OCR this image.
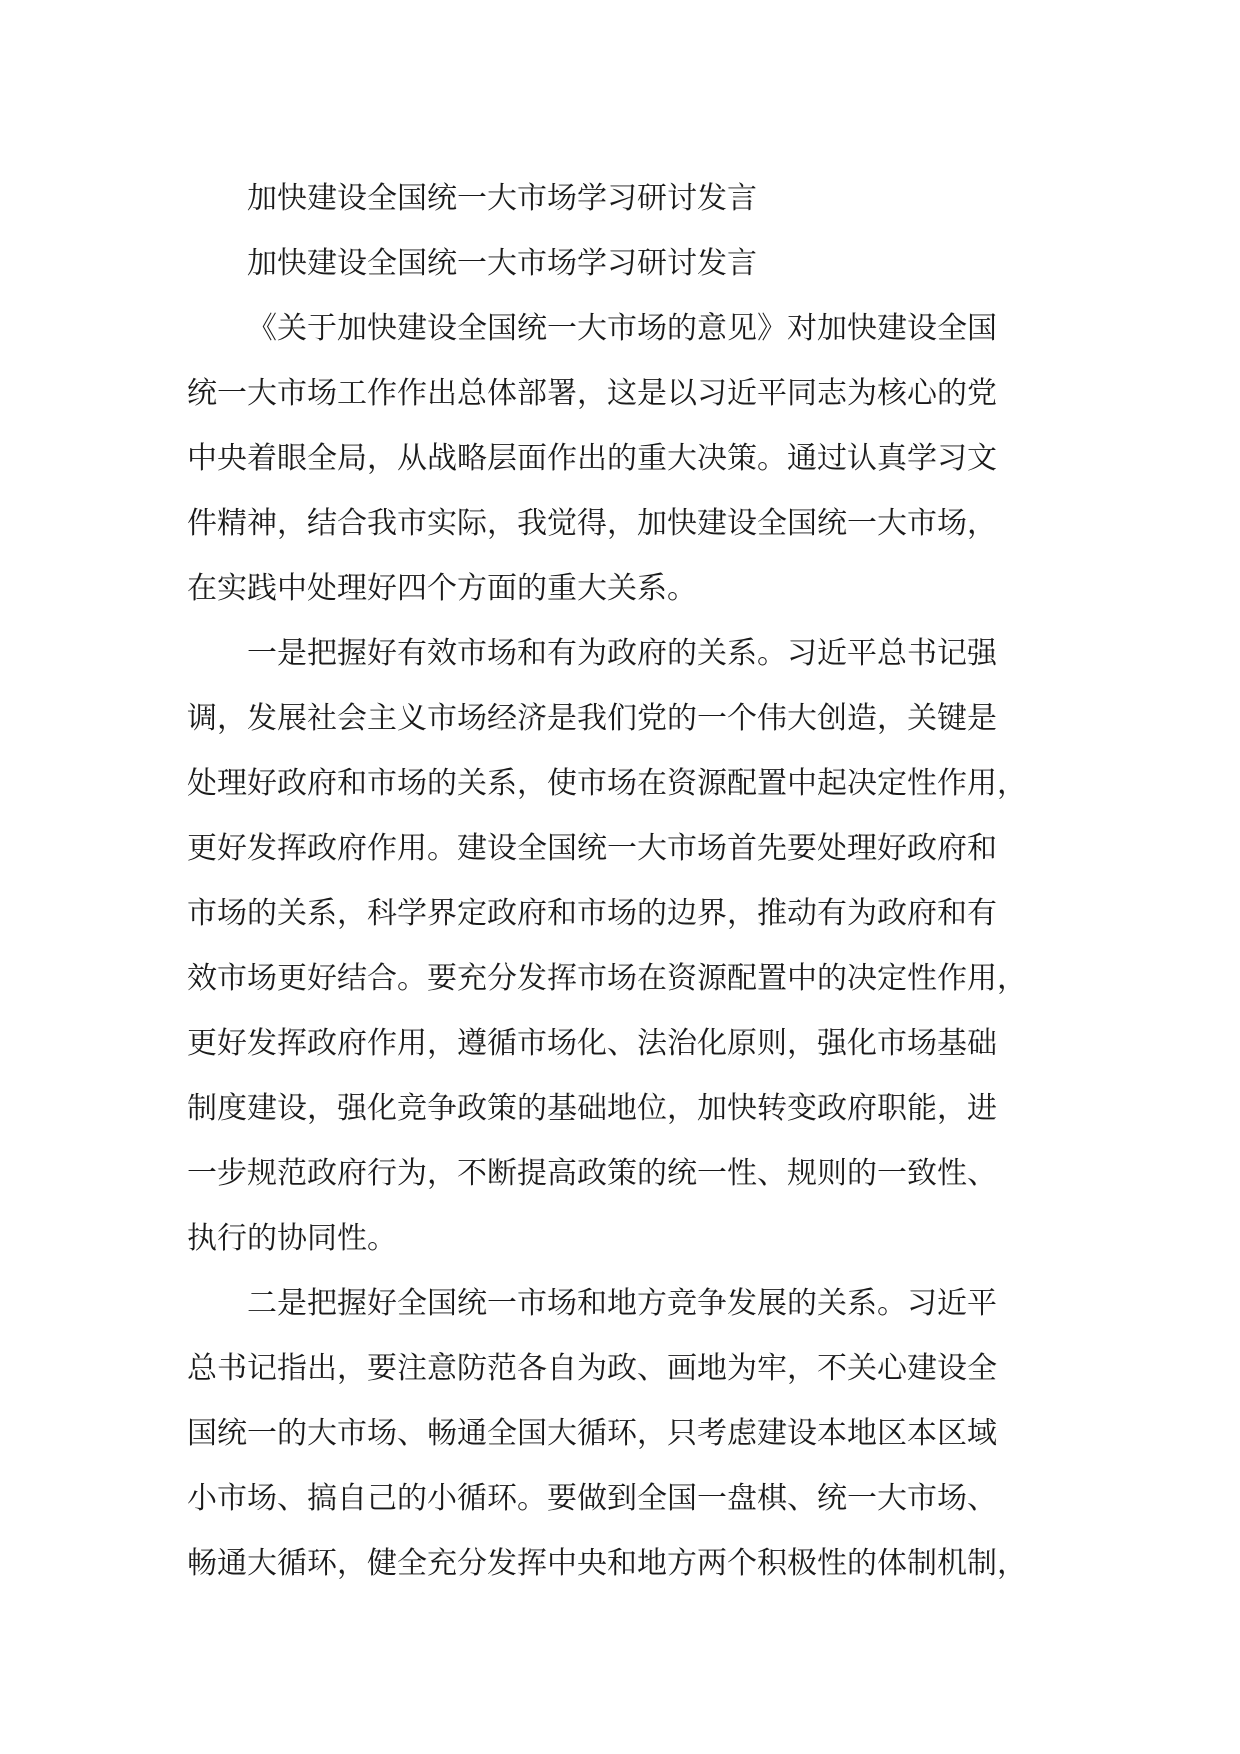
加快建设全国统一大市场学习研讨发言
加快建设全国统一大市场学习研讨发言
《关于加快建设全国统一大市场的意见》对加快建设全国
统一大市场工作作出总体部署，这是以习近平同志为核心的党
中央着眼全局，从战略层面作出的重大决策。通过认真学习文
件精神，结合我市实际，我觉得，加快建设全国统一大市场，
在实践中处理好四个方面的重大关系。
一是把握好有效市场和有为政府的关系。习近平总书记强
调，发展社会主义市场经济是我们党的一个伟大创造，关键是
处理好政府和市场的关系，使市场在资源配置中起决定性作用，
更好发挥政府作用。建设全国统一大市场首先要处理好政府和
市场的关系，科学界定政府和市场的边界，推动有为政府和有
效市场更好结合。要充分发挥市场在资源配置中的决定性作用，
更好发挥政府作用，遵循市场化、法治化原则，强化市场基础
制度建设，强化竞争政策的基础地位，加快转变政府职能，进
一步规范政府行为，不断提高政策的统一性、规则的一致性、
执行的协同性。
二是把握好全国统一市场和地方竞争发展的关系。习近平
总书记指出，要注意防范各自为政、画地为牢，不关心建设全
国统一的大市场、畅通全国大循环，只考虑建设本地区本区域
小市场、搞自己的小循环。要做到全国一盘棋、统一大市场、
畅通大循环，健全充分发挥中央和地方两个积极性的体制机制，
